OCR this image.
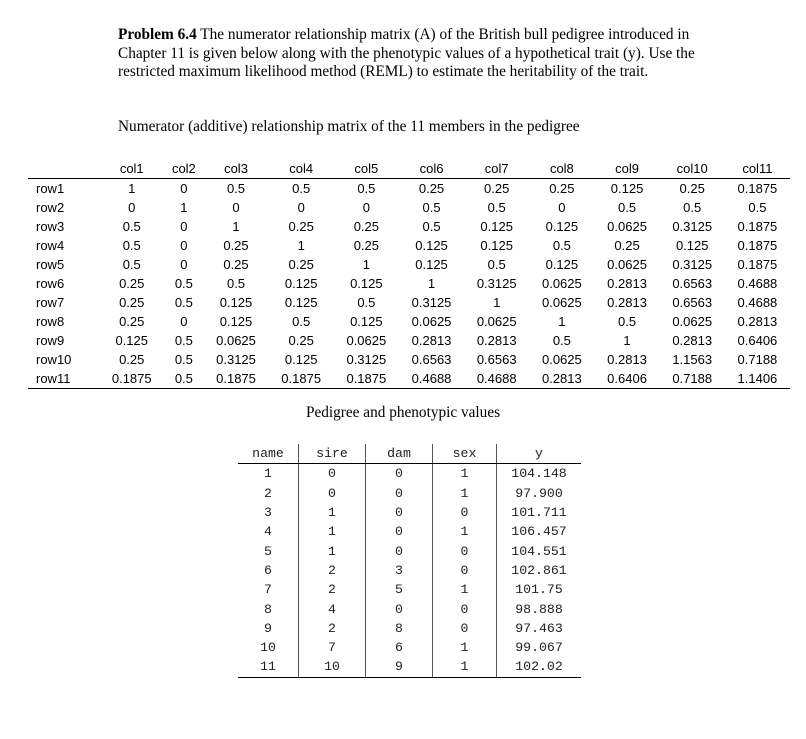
Problem 6.4 The numerator relationship matrix (A) of the British bull pedigree introduced in Chapter 11 is given below along with the phenotypic values of a hypothetical trait (y). Use the restricted maximum likelihood method (REML) to estimate the heritability of the trait.
Numerator (additive) relationship matrix of the 11 members in the pedigree
	col1	col2	col3	col4	col5	col6	col7	col8	col9	col10	col11
row1	1	0	0.5	0.5	0.5	0.25	0.25	0.25	0.125	0.25	0.1875
row2	0	1	0	0	0	0.5	0.5	0	0.5	0.5	0.5
row3	0.5	0	1	0.25	0.25	0.5	0.125	0.125	0.0625	0.3125	0.1875
row4	0.5	0	0.25	1	0.25	0.125	0.125	0.5	0.25	0.125	0.1875
row5	0.5	0	0.25	0.25	1	0.125	0.5	0.125	0.0625	0.3125	0.1875
row6	0.25	0.5	0.5	0.125	0.125	1	0.3125	0.0625	0.2813	0.6563	0.4688
row7	0.25	0.5	0.125	0.125	0.5	0.3125	1	0.0625	0.2813	0.6563	0.4688
row8	0.25	0	0.125	0.5	0.125	0.0625	0.0625	1	0.5	0.0625	0.2813
row9	0.125	0.5	0.0625	0.25	0.0625	0.2813	0.2813	0.5	1	0.2813	0.6406
row10	0.25	0.5	0.3125	0.125	0.3125	0.6563	0.6563	0.0625	0.2813	1.1563	0.7188
row11	0.1875	0.5	0.1875	0.1875	0.1875	0.4688	0.4688	0.2813	0.6406	0.7188	1.1406
Pedigree and phenotypic values
name	sire	dam	sex	y
1	0	0	1	104.148
2	0	0	1	97.900
3	1	0	0	101.711
4	1	0	1	106.457
5	1	0	0	104.551
6	2	3	0	102.861
7	2	5	1	101.75
8	4	0	0	98.888
9	2	8	0	97.463
10	7	6	1	99.067
11	10	9	1	102.02
